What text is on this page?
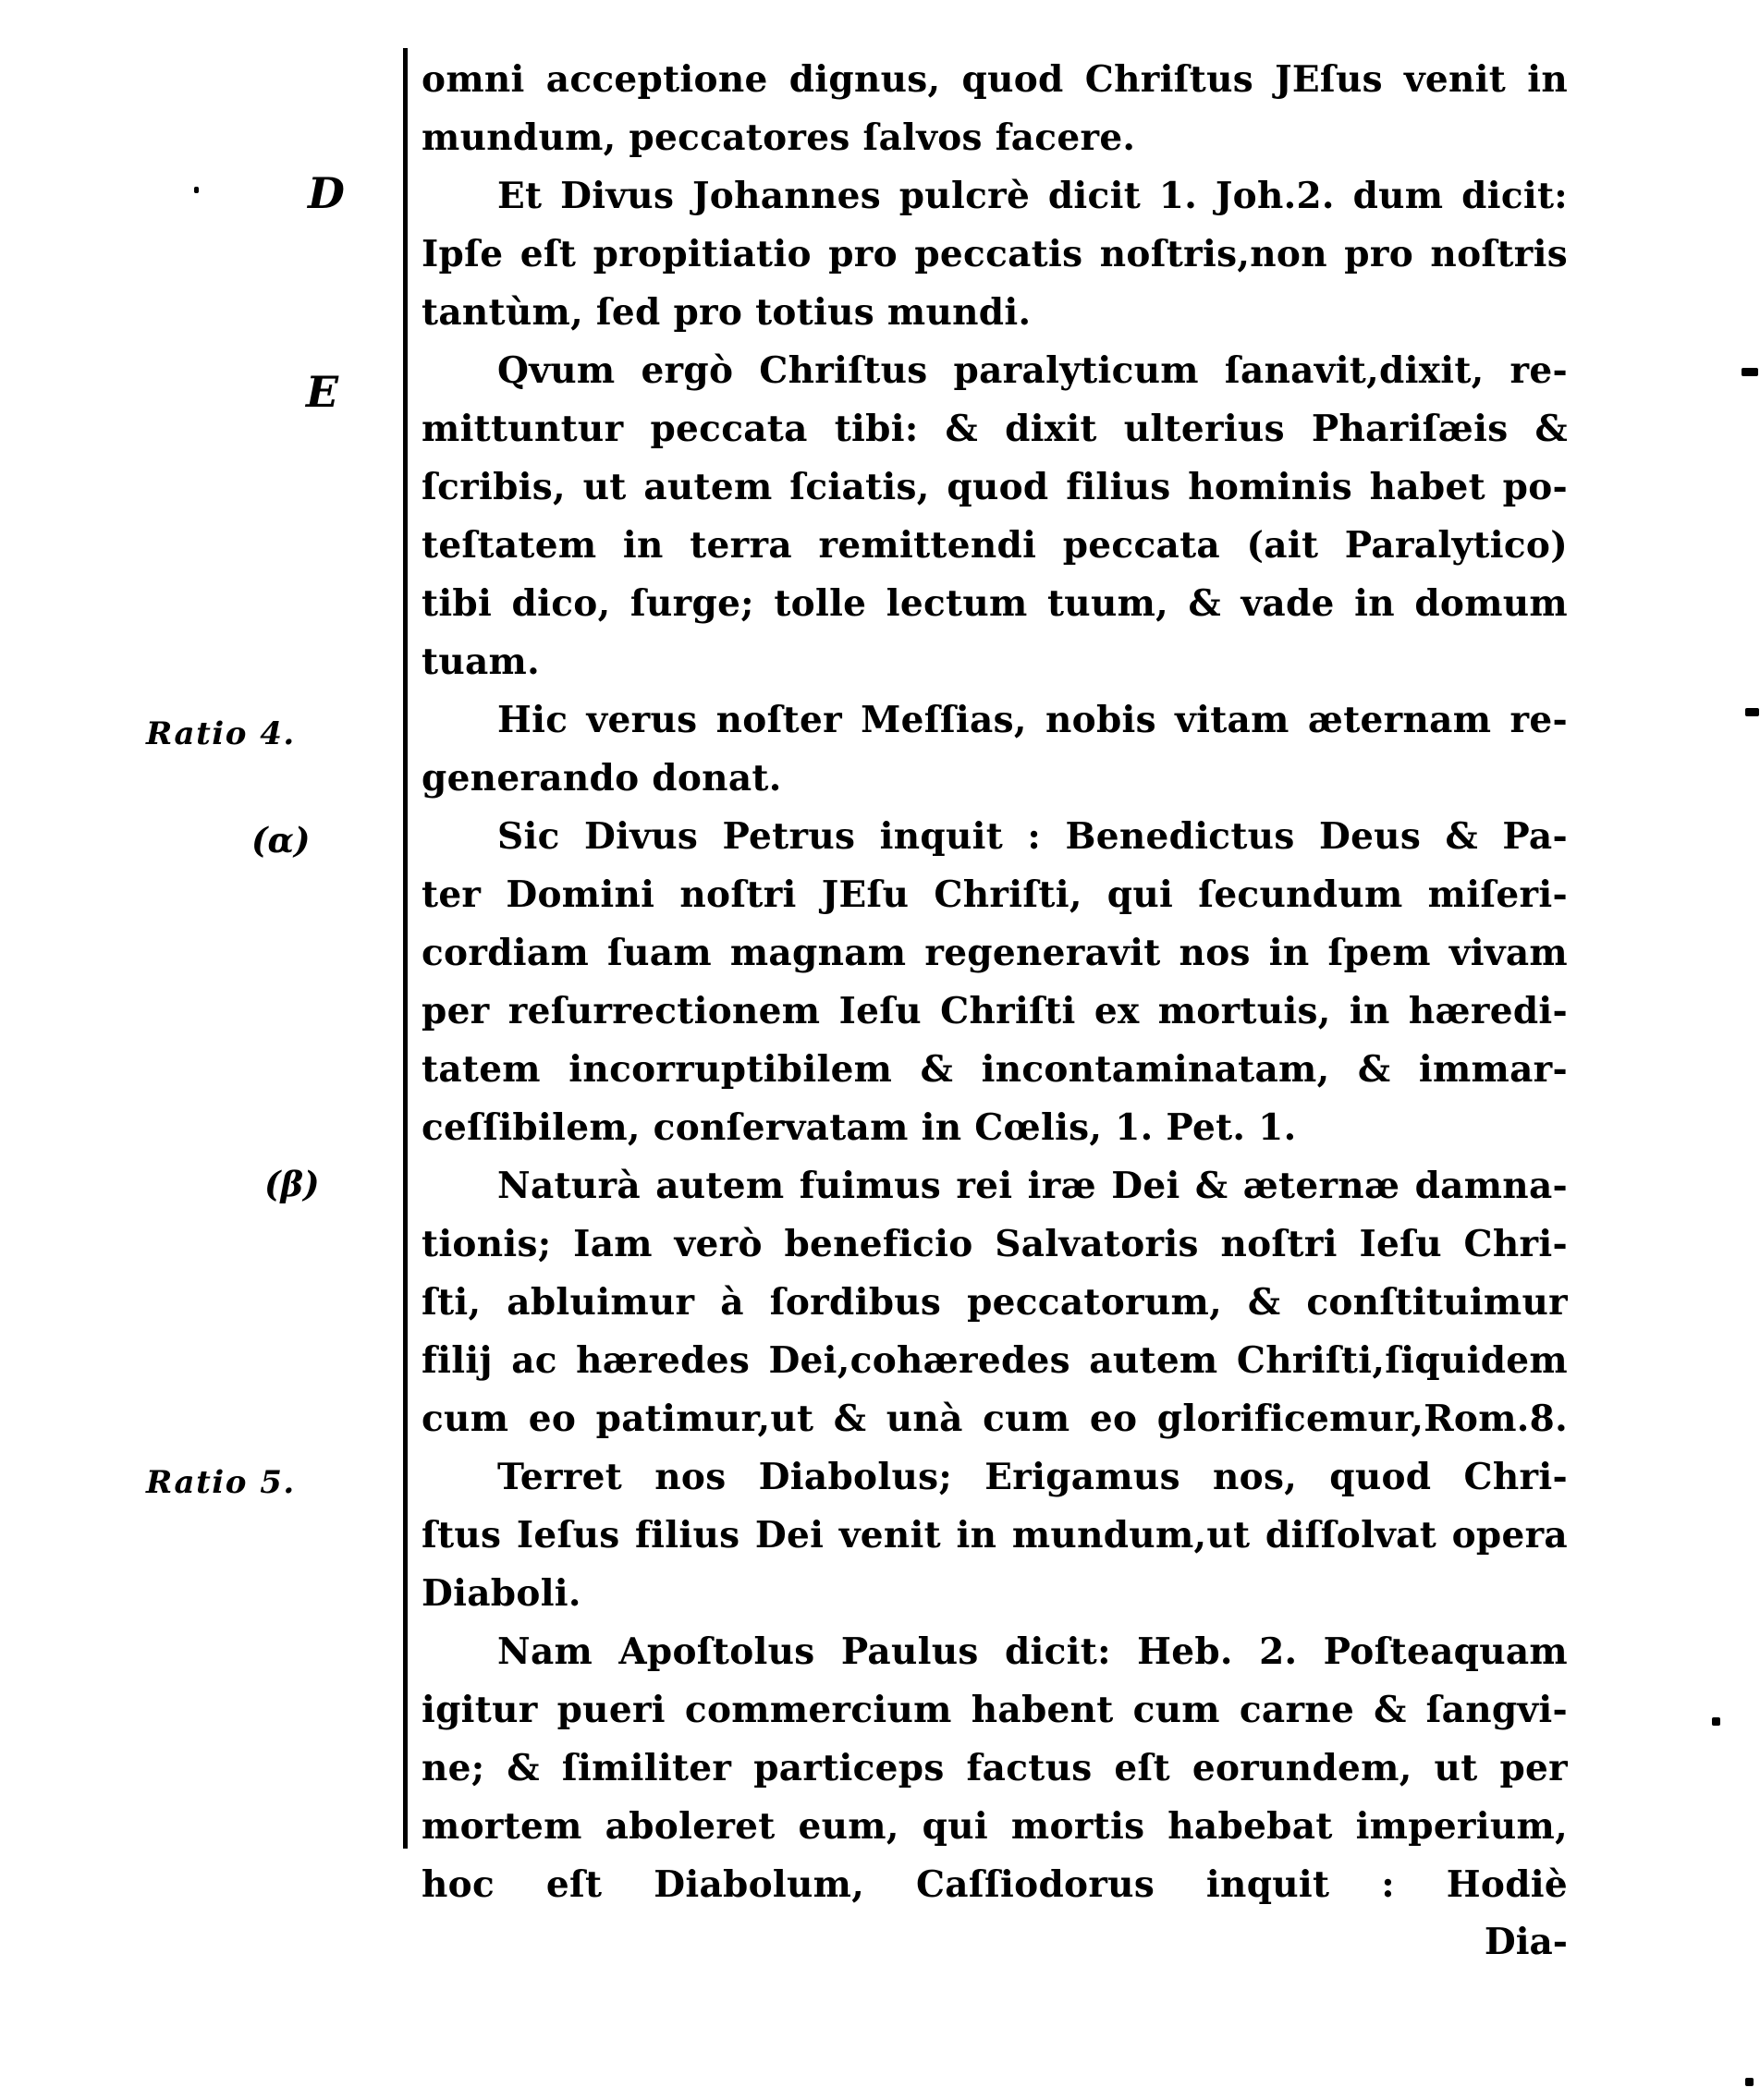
D
E
Ratio 4.
(α)
(β)
Ratio 5.
omni acceptione dignus, quod Chriſtus JEſus venit in
mundum, peccatores ſalvos facere.
Et Divus Johannes pulcrè dicit 1. Joh.2. dum dicit:
Ipſe eſt propitiatio pro peccatis noſtris,non pro noſtris
tantùm, ſed pro totius mundi.
Qvum ergò Chriſtus paralyticum ſanavit,dixit, re-
mittuntur peccata tibi: & dixit ulterius Phariſæis &
ſcribis, ut autem ſciatis, quod filius hominis habet po-
teſtatem in terra remittendi peccata (ait Paralytico)
tibi dico, ſurge; tolle lectum tuum, & vade in domum
tuam.
Hic verus noſter Meſſias, nobis vitam æternam re-
generando donat.
Sic Divus Petrus inquit : Benedictus Deus & Pa-
ter Domini noſtri JEſu Chriſti, qui ſecundum miſeri-
cordiam ſuam magnam regeneravit nos in ſpem vivam
per reſurrectionem Ieſu Chriſti ex mortuis, in hæredi-
tatem incorruptibilem & incontaminatam, & immar-
ceſſibilem, conſervatam in Cœlis, 1. Pet. 1.
Naturà autem fuimus rei iræ Dei & æternæ damna-
tionis; Iam verò beneficio Salvatoris noſtri Ieſu Chri-
ſti, abluimur à ſordibus peccatorum, & conſtituimur
filij ac hæredes Dei,cohæredes autem Chriſti,ſiquidem
cum eo patimur,ut & unà cum eo glorificemur,Rom.8.
Terret nos Diabolus; Erigamus nos, quod Chri-
ſtus Ieſus filius Dei venit in mundum,ut diſſolvat opera
Diaboli.
Nam Apoſtolus Paulus dicit: Heb. 2. Poſteaquam
igitur pueri commercium habent cum carne & ſangvi-
ne; & ſimiliter particeps factus eſt eorundem, ut per
mortem aboleret eum, qui mortis habebat imperium,
hoc eſt Diabolum, Caſſiodorus inquit : Hodiè
Dia-
